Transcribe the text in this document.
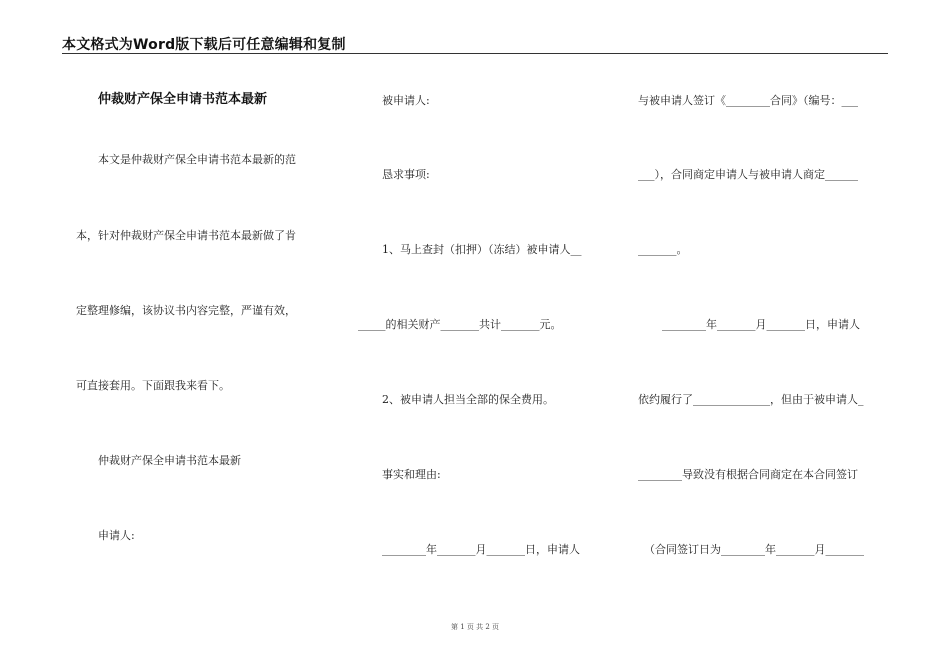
本文格式为Word版下载后可任意编辑和复制
仲裁财产保全申请书范本最新
本文是仲裁财产保全申请书范本最新的范
本，针对仲裁财产保全申请书范本最新做了肯
定整理修编，该协议书内容完整，严谨有效，
可直接套用。下面跟我来看下。
仲裁财产保全申请书范本最新
申请人:
被申请人:
恳求事项:
1、马上查封（扣押）（冻结）被申请人__
_____的相关财产_______共计_______元。
2、被申请人担当全部的保全费用。
事实和理由:
________年_______月_______日，申请人
与被申请人签订《________合同》（编号：___
___），合同商定申请人与被申请人商定______
_______。
________年_______月_______日，申请人
依约履行了______________，但由于被申请人_
________导致没有根据合同商定在本合同签订
（合同签订日为________年_______月_______
第 1 页 共 2 页
